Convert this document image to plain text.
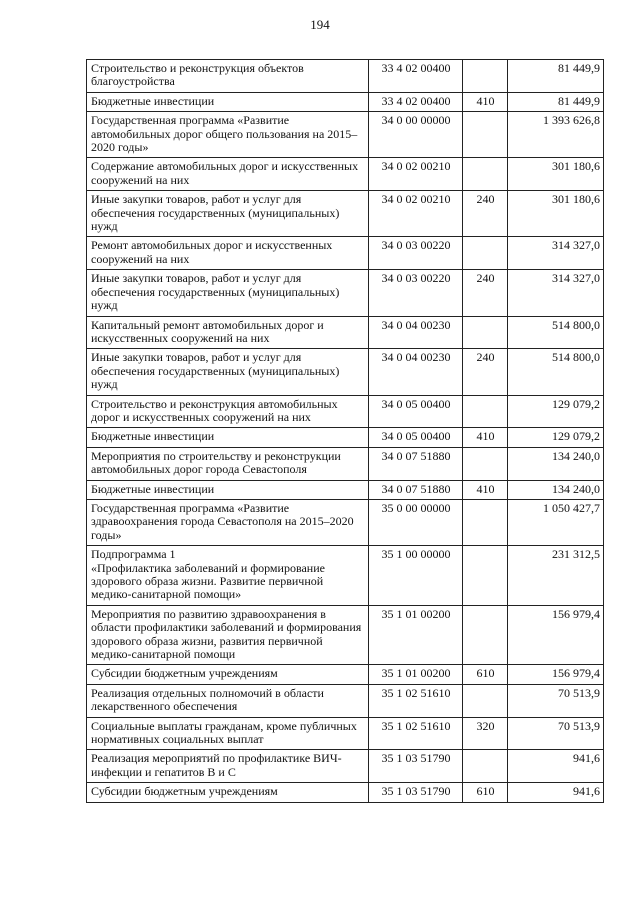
194
Строительство и реконструкция объектов благоустройства	33 4 02 00400		81 449,9
Бюджетные инвестиции	33 4 02 00400	410	81 449,9
Государственная программа «Развитие автомобильных дорог общего пользования на 2015–2020 годы»	34 0 00 00000		1 393 626,8
Содержание автомобильных дорог и искусственных сооружений на них	34 0 02 00210		301 180,6
Иные закупки товаров, работ и услуг для обеспечения государственных (муниципальных) нужд	34 0 02 00210	240	301 180,6
Ремонт автомобильных дорог и искусственных сооружений на них	34 0 03 00220		314 327,0
Иные закупки товаров, работ и услуг для обеспечения государственных (муниципальных) нужд	34 0 03 00220	240	314 327,0
Капитальный ремонт автомобильных дорог и искусственных сооружений на них	34 0 04 00230		514 800,0
Иные закупки товаров, работ и услуг для обеспечения государственных (муниципальных) нужд	34 0 04 00230	240	514 800,0
Строительство и реконструкция автомобильных дорог и искусственных сооружений на них	34 0 05 00400		129 079,2
Бюджетные инвестиции	34 0 05 00400	410	129 079,2
Мероприятия по строительству и реконструкции автомобильных дорог города Севастополя	34 0 07 51880		134 240,0
Бюджетные инвестиции	34 0 07 51880	410	134 240,0
Государственная программа «Развитие здравоохранения города Севастополя на 2015–2020 годы»	35 0 00 00000		1 050 427,7
Подпрограмма 1
«Профилактика заболеваний и формирование здорового образа жизни. Развитие первичной медико-санитарной помощи»	35 1 00 00000		231 312,5
Мероприятия по развитию здравоохранения в области профилактики заболеваний и формирования здорового образа жизни, развития первичной медико-санитарной помощи	35 1 01 00200		156 979,4
Субсидии бюджетным учреждениям	35 1 01 00200	610	156 979,4
Реализация отдельных полномочий в области лекарственного обеспечения	35 1 02 51610		70 513,9
Социальные выплаты гражданам, кроме публичных нормативных социальных выплат	35 1 02 51610	320	70 513,9
Реализация мероприятий по профилактике ВИЧ-инфекции и гепатитов В и С	35 1 03 51790		941,6
Субсидии бюджетным учреждениям	35 1 03 51790	610	941,6
